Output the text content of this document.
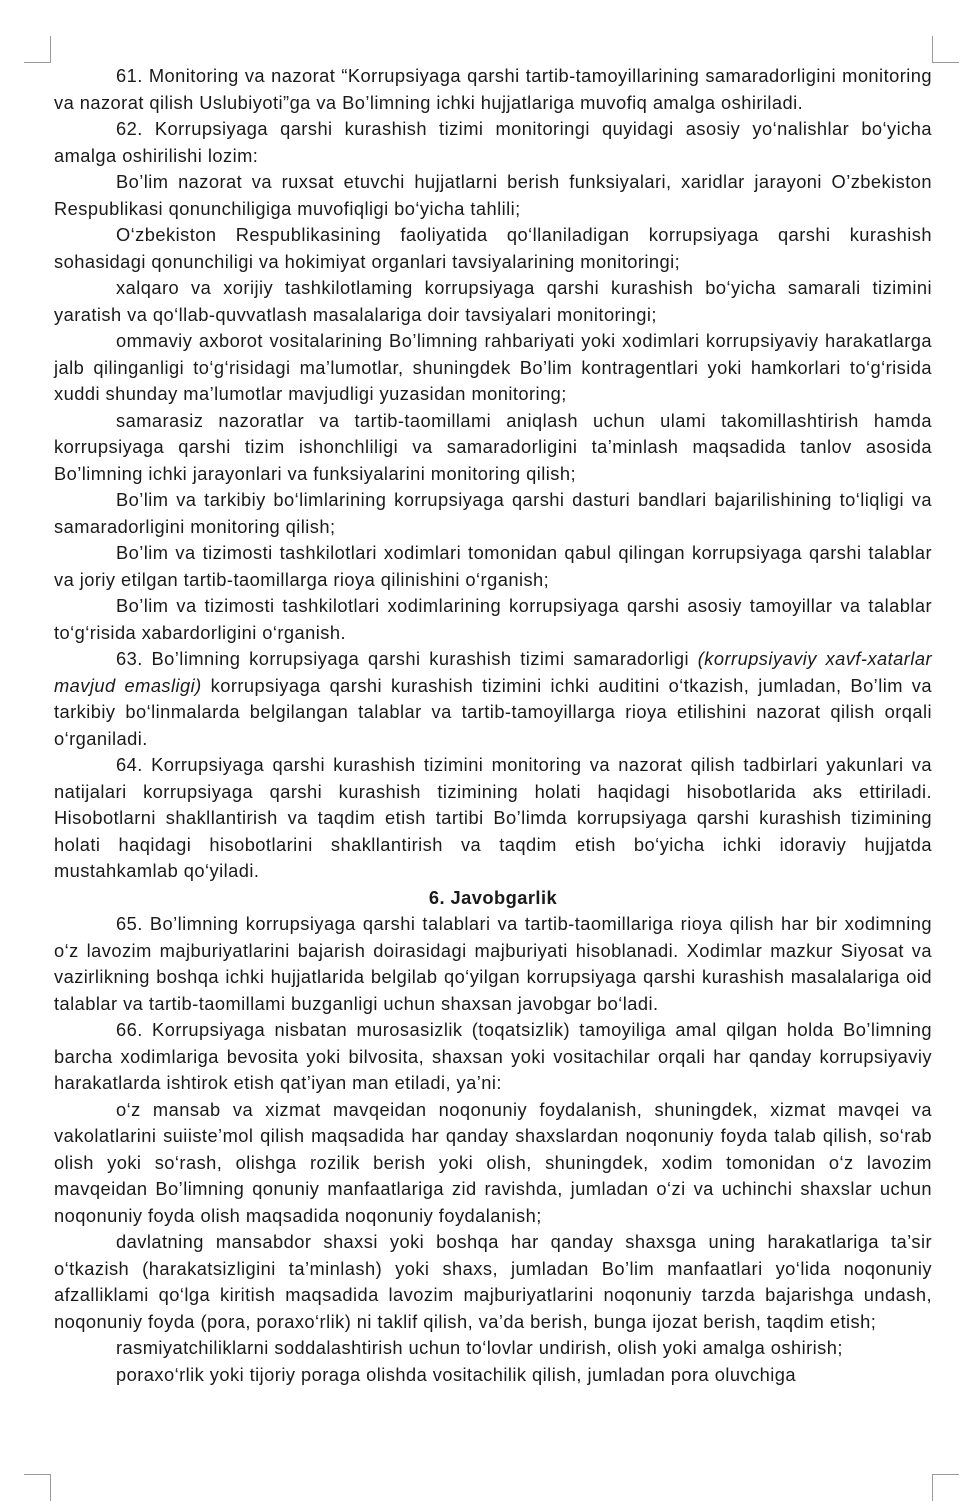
61. Monitoring va nazorat “Korrupsiyaga qarshi tartib-tamoyillarining samaradorligini monitoring va nazorat qilish Uslubiyoti”ga va Bo’limning ichki hujjatlariga muvofiq amalga oshiriladi.

62. Korrupsiyaga qarshi kurashish tizimi monitoringi quyidagi asosiy yo‘nalishlar bo‘yicha amalga oshirilishi lozim:

Bo’lim nazorat va ruxsat etuvchi hujjatlarni berish funksiyalari, xaridlar jarayoni O’zbekiston Respublikasi qonunchiligiga muvofiqligi bo‘yicha tahlili;

O‘zbekiston Respublikasining faoliyatida qo‘llaniladigan korrupsiyaga qarshi kurashish sohasidagi qonunchiligi va hokimiyat organlari tavsiyalarining monitoringi;

xalqaro va xorijiy tashkilotlaming korrupsiyaga qarshi kurashish bo‘yicha samarali tizimini yaratish va qo‘llab-quvvatlash masalalariga doir tavsiyalari monitoringi;

ommaviy axborot vositalarining Bo’limning rahbariyati yoki xodimlari korrupsiyaviy harakatlarga jalb qilinganligi to‘g‘risidagi ma’lumotlar, shuningdek Bo’lim kontragentlari yoki hamkorlari to‘g‘risida xuddi shunday ma’lumotlar mavjudligi yuzasidan monitoring;

samarasiz nazoratlar va tartib-taomillami aniqlash uchun ulami takomillashtirish hamda korrupsiyaga qarshi tizim ishonchliligi va samaradorligini ta’minlash maqsadida tanlov asosida Bo’limning ichki jarayonlari va funksiyalarini monitoring qilish;

Bo’lim va tarkibiy bo‘limlarining korrupsiyaga qarshi dasturi bandlari bajarilishining to‘liqligi va samaradorligini monitoring qilish;

Bo’lim va tizimosti tashkilotlari xodimlari tomonidan qabul qilingan korrupsiyaga qarshi talablar va joriy etilgan tartib-taomillarga rioya qilinishini o‘rganish;

Bo’lim va tizimosti tashkilotlari xodimlarining korrupsiyaga qarshi asosiy tamoyillar va talablar to‘g‘risida xabardorligini o‘rganish.

63. Bo’limning korrupsiyaga qarshi kurashish tizimi samaradorligi (korrupsiyaviy xavf-xatarlar mavjud emasligi) korrupsiyaga qarshi kurashish tizimini ichki auditini o‘tkazish, jumladan, Bo’lim va tarkibiy bo‘linmalarda belgilangan talablar va tartib-tamoyillarga rioya etilishini nazorat qilish orqali o‘rganiladi.

64. Korrupsiyaga qarshi kurashish tizimini monitoring va nazorat qilish tadbirlari yakunlari va natijalari korrupsiyaga qarshi kurashish tizimining holati haqidagi hisobotlarida aks ettiriladi. Hisobotlarni shakllantirish va taqdim etish tartibi Bo’limda korrupsiyaga qarshi kurashish tizimining holati haqidagi hisobotlarini shakllantirish va taqdim etish bo‘yicha ichki idoraviy hujjatda mustahkamlab qo‘yiladi.

6. Javobgarlik

65. Bo’limning korrupsiyaga qarshi talablari va tartib-taomillariga rioya qilish har bir xodimning o‘z lavozim majburiyatlarini bajarish doirasidagi majburiyati hisoblanadi. Xodimlar mazkur Siyosat va vazirlikning boshqa ichki hujjatlarida belgilab qo‘yilgan korrupsiyaga qarshi kurashish masalalariga oid talablar va tartib-taomillami buzganligi uchun shaxsan javobgar bo‘ladi.

66. Korrupsiyaga nisbatan murosasizlik (toqatsizlik) tamoyiliga amal qilgan holda Bo’limning barcha xodimlariga bevosita yoki bilvosita, shaxsan yoki vositachilar orqali har qanday korrupsiyaviy harakatlarda ishtirok etish qat’iyan man etiladi, ya’ni:

o‘z mansab va xizmat mavqeidan noqonuniy foydalanish, shuningdek, xizmat mavqei va vakolatlarini suiiste’mol qilish maqsadida har qanday shaxslardan noqonuniy foyda talab qilish, so‘rab olish yoki so‘rash, olishga rozilik berish yoki olish, shuningdek, xodim tomonidan o‘z lavozim mavqeidan Bo’limning qonuniy manfaatlariga zid ravishda, jumladan o‘zi va uchinchi shaxslar uchun noqonuniy foyda olish maqsadida noqonuniy foydalanish;

davlatning mansabdor shaxsi yoki boshqa har qanday shaxsga uning harakatlariga ta’sir o‘tkazish (harakatsizligini ta’minlash) yoki shaxs, jumladan Bo’lim manfaatlari yo‘lida noqonuniy afzalliklami qo‘lga kiritish maqsadida lavozim majburiyatlarini noqonuniy tarzda bajarishga undash, noqonuniy foyda (pora, poraxo‘rlik) ni taklif qilish, va’da berish, bunga ijozat berish, taqdim etish;

rasmiyatchiliklarni soddalashtirish uchun to‘lovlar undirish, olish yoki amalga oshirish;

poraxo‘rlik yoki tijoriy poraga olishda vositachilik qilish, jumladan pora oluvchiga
